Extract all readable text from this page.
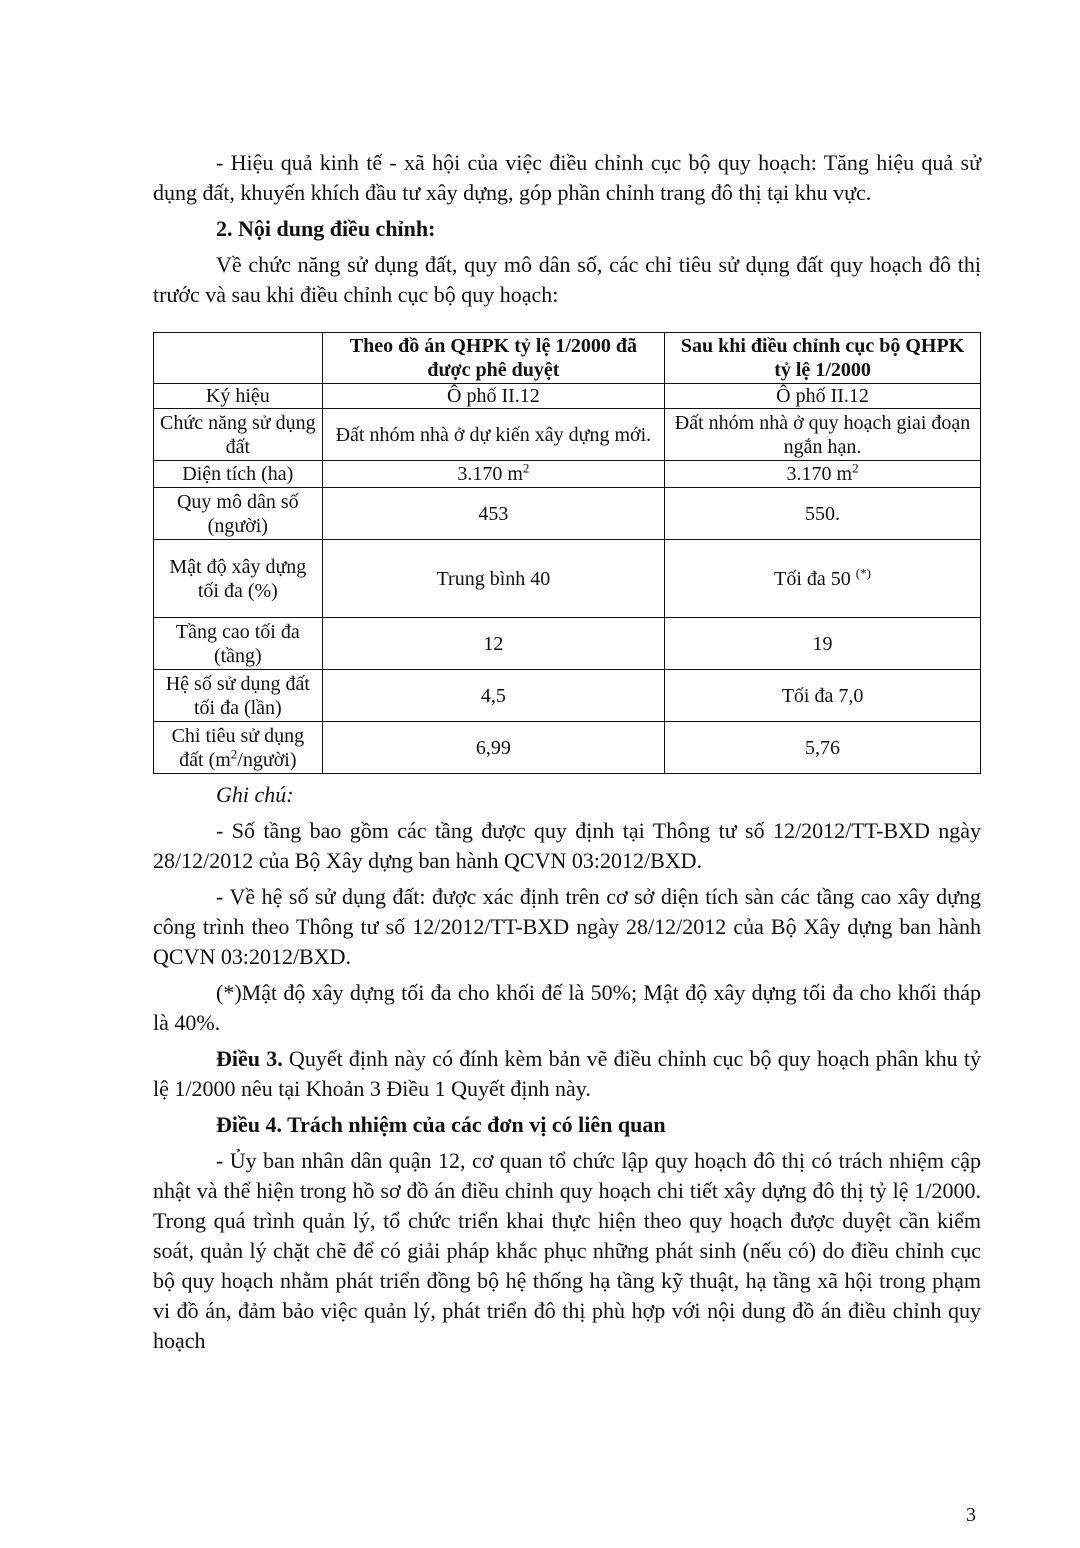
- Hiệu quả kinh tế - xã hội của việc điều chỉnh cục bộ quy hoạch: Tăng hiệu quả sử dụng đất, khuyến khích đầu tư xây dựng, góp phần chỉnh trang đô thị tại khu vực.

2. Nội dung điều chỉnh:

Về chức năng sử dụng đất, quy mô dân số, các chỉ tiêu sử dụng đất quy hoạch đô thị trước và sau khi điều chỉnh cục bộ quy hoạch:

	Theo đồ án QHPK tỷ lệ 1/2000 đã được phê duyệt	Sau khi điều chỉnh cục bộ QHPK tỷ lệ 1/2000
Ký hiệu	Ô phố II.12	Ô phố II.12
Chức năng sử dụng đất	Đất nhóm nhà ở dự kiến xây dựng mới.	Đất nhóm nhà ở quy hoạch giai đoạn ngắn hạn.
Diện tích (ha)	3.170 $m^2$	3.170 $m^2$
Quy mô dân số (người)	453	550.
Mật độ xây dựng tối đa (%)	Trung bình 40	Tối đa 50 (*)
Tầng cao tối đa (tầng)	12	19
Hệ số sử dụng đất tối đa (lần)	4,5	Tối đa 7,0
Chỉ tiêu sử dụng đất $(m^2/người)$	6,99	5,76

Ghi chú:

- Số tầng bao gồm các tầng được quy định tại Thông tư số 12/2012/TT-BXD ngày 28/12/2012 của Bộ Xây dựng ban hành QCVN 03:2012/BXD.

- Về hệ số sử dụng đất: được xác định trên cơ sở diện tích sàn các tầng cao xây dựng công trình theo Thông tư số 12/2012/TT-BXD ngày 28/12/2012 của Bộ Xây dựng ban hành QCVN 03:2012/BXD.

(*)Mật độ xây dựng tối đa cho khối đế là 50%; Mật độ xây dựng tối đa cho khối tháp là 40%.

Điều 3. Quyết định này có đính kèm bản vẽ điều chỉnh cục bộ quy hoạch phân khu tỷ lệ 1/2000 nêu tại Khoản 3 Điều 1 Quyết định này.

Điều 4. Trách nhiệm của các đơn vị có liên quan

- Ủy ban nhân dân quận 12, cơ quan tổ chức lập quy hoạch đô thị có trách nhiệm cập nhật và thể hiện trong hồ sơ đồ án điều chỉnh quy hoạch chi tiết xây dựng đô thị tỷ lệ 1/2000. Trong quá trình quản lý, tổ chức triển khai thực hiện theo quy hoạch được duyệt cần kiểm soát, quản lý chặt chẽ để có giải pháp khắc phục những phát sinh (nếu có) do điều chỉnh cục bộ quy hoạch nhằm phát triển đồng bộ hệ thống hạ tầng kỹ thuật, hạ tầng xã hội trong phạm vi đồ án, đảm bảo việc quản lý, phát triển đô thị phù hợp với nội dung đồ án điều chỉnh quy hoạch

3
